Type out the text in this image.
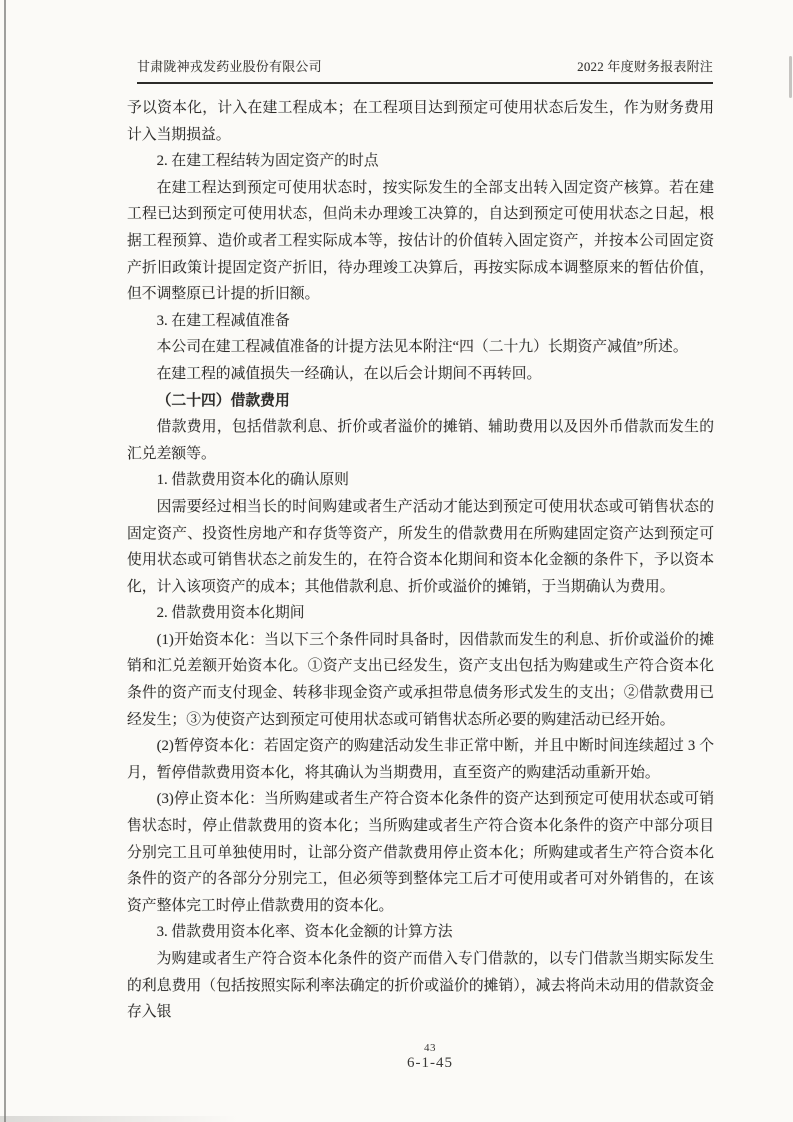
甘肃陇神戎发药业股份有限公司	2022 年度财务报表附注

予以资本化，计入在建工程成本；在工程项目达到预定可使用状态后发生，作为财务费用计入当期损益。

2. 在建工程结转为固定资产的时点

在建工程达到预定可使用状态时，按实际发生的全部支出转入固定资产核算。若在建工程已达到预定可使用状态，但尚未办理竣工决算的，自达到预定可使用状态之日起，根据工程预算、造价或者工程实际成本等，按估计的价值转入固定资产，并按本公司固定资产折旧政策计提固定资产折旧，待办理竣工决算后，再按实际成本调整原来的暂估价值，但不调整原已计提的折旧额。

3. 在建工程减值准备

本公司在建工程减值准备的计提方法见本附注“四（二十九）长期资产减值”所述。

在建工程的减值损失一经确认，在以后会计期间不再转回。

（二十四）借款费用

借款费用，包括借款利息、折价或者溢价的摊销、辅助费用以及因外币借款而发生的汇兑差额等。

1. 借款费用资本化的确认原则

因需要经过相当长的时间购建或者生产活动才能达到预定可使用状态或可销售状态的固定资产、投资性房地产和存货等资产，所发生的借款费用在所购建固定资产达到预定可使用状态或可销售状态之前发生的，在符合资本化期间和资本化金额的条件下，予以资本化，计入该项资产的成本；其他借款利息、折价或溢价的摊销，于当期确认为费用。

2. 借款费用资本化期间

(1)开始资本化：当以下三个条件同时具备时，因借款而发生的利息、折价或溢价的摊销和汇兑差额开始资本化。①资产支出已经发生，资产支出包括为购建或生产符合资本化条件的资产而支付现金、转移非现金资产或承担带息债务形式发生的支出；②借款费用已经发生；③为使资产达到预定可使用状态或可销售状态所必要的购建活动已经开始。

(2)暂停资本化：若固定资产的购建活动发生非正常中断，并且中断时间连续超过 3 个月，暂停借款费用资本化，将其确认为当期费用，直至资产的购建活动重新开始。

(3)停止资本化：当所购建或者生产符合资本化条件的资产达到预定可使用状态或可销售状态时，停止借款费用的资本化；当所购建或者生产符合资本化条件的资产中部分项目分别完工且可单独使用时，让部分资产借款费用停止资本化；所购建或者生产符合资本化条件的资产的各部分分别完工，但必须等到整体完工后才可使用或者可对外销售的，在该资产整体完工时停止借款费用的资本化。

3. 借款费用资本化率、资本化金额的计算方法

为购建或者生产符合资本化条件的资产而借入专门借款的，以专门借款当期实际发生的利息费用（包括按照实际利率法确定的折价或溢价的摊销），减去将尚未动用的借款资金存入银

43
6-1-45
